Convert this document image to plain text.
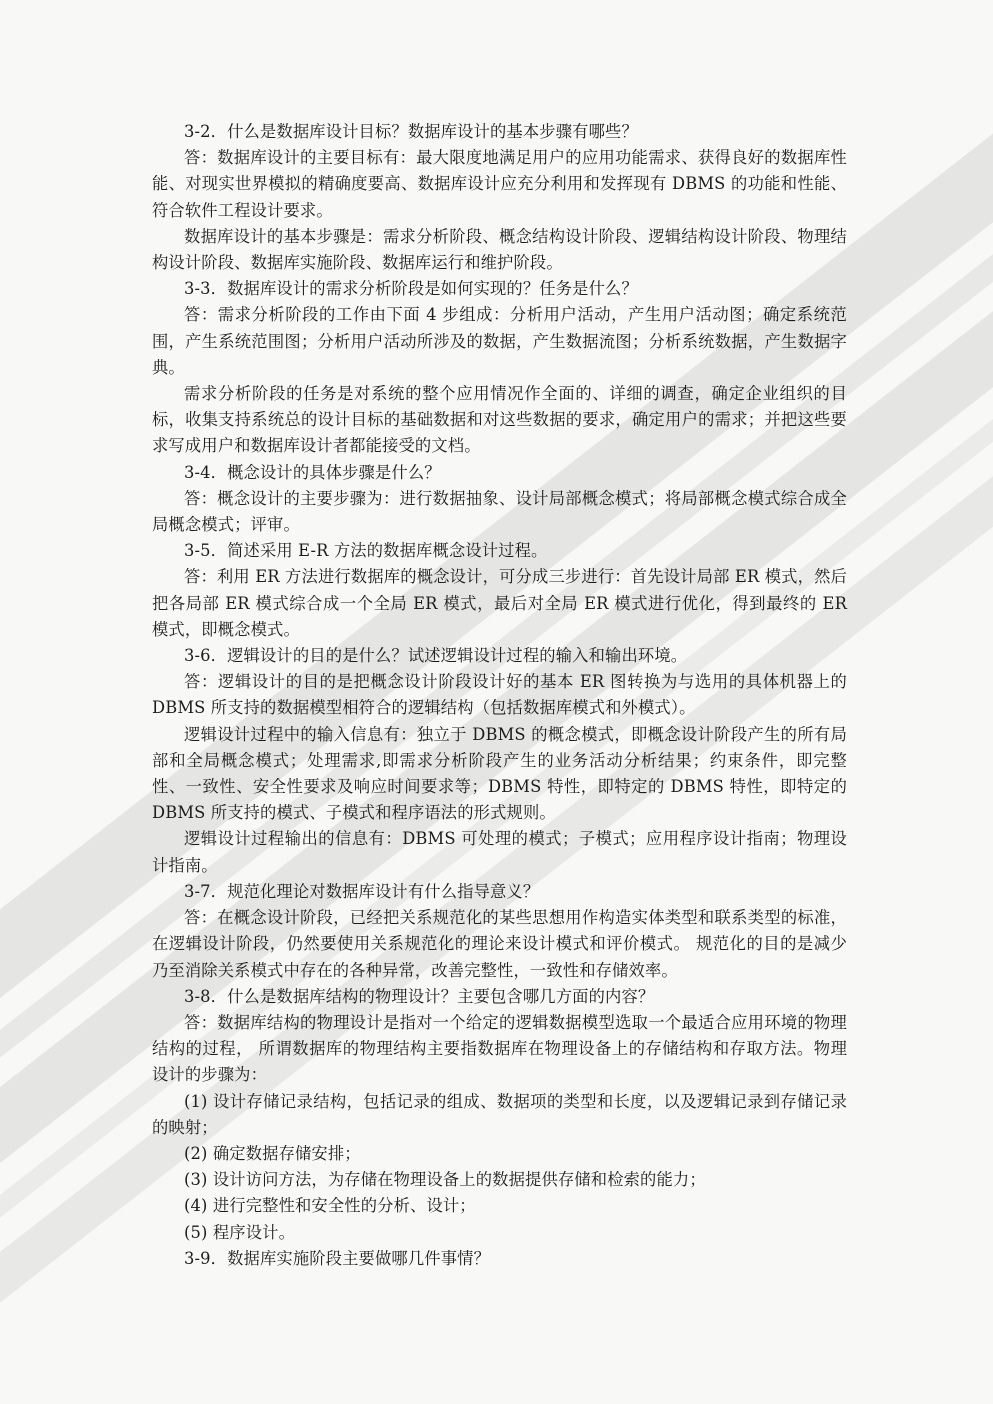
3-2．什么是数据库设计目标？数据库设计的基本步骤有哪些？

答：数据库设计的主要目标有：最大限度地满足用户的应用功能需求、获得良好的数据库性能、对现实世界模拟的精确度要高、数据库设计应充分利用和发挥现有 DBMS 的功能和性能、符合软件工程设计要求。

数据库设计的基本步骤是：需求分析阶段、概念结构设计阶段、逻辑结构设计阶段、物理结构设计阶段、数据库实施阶段、数据库运行和维护阶段。

3-3．数据库设计的需求分析阶段是如何实现的？任务是什么？

答：需求分析阶段的工作由下面 4 步组成：分析用户活动，产生用户活动图；确定系统范围，产生系统范围图；分析用户活动所涉及的数据，产生数据流图；分析系统数据，产生数据字典。

需求分析阶段的任务是对系统的整个应用情况作全面的、详细的调查，确定企业组织的目标，收集支持系统总的设计目标的基础数据和对这些数据的要求，确定用户的需求；并把这些要求写成用户和数据库设计者都能接受的文档。

3-4．概念设计的具体步骤是什么？

答：概念设计的主要步骤为：进行数据抽象、设计局部概念模式；将局部概念模式综合成全局概念模式；评审。

3-5．简述采用 E-R 方法的数据库概念设计过程。

答：利用 ER 方法进行数据库的概念设计，可分成三步进行：首先设计局部 ER 模式，然后把各局部 ER 模式综合成一个全局 ER 模式，最后对全局 ER 模式进行优化，得到最终的 ER 模式，即概念模式。

3-6．逻辑设计的目的是什么？试述逻辑设计过程的输入和输出环境。

答：逻辑设计的目的是把概念设计阶段设计好的基本 ER 图转换为与选用的具体机器上的 DBMS 所支持的数据模型相符合的逻辑结构（包括数据库模式和外模式）。

逻辑设计过程中的输入信息有：独立于 DBMS 的概念模式，即概念设计阶段产生的所有局部和全局概念模式；处理需求,即需求分析阶段产生的业务活动分析结果；约束条件，即完整性、一致性、安全性要求及响应时间要求等；DBMS 特性，即特定的 DBMS 特性，即特定的 DBMS 所支持的模式、子模式和程序语法的形式规则。

逻辑设计过程输出的信息有：DBMS 可处理的模式；子模式；应用程序设计指南；物理设计指南。

3-7．规范化理论对数据库设计有什么指导意义？

答：在概念设计阶段，已经把关系规范化的某些思想用作构造实体类型和联系类型的标准， 在逻辑设计阶段，仍然要使用关系规范化的理论来设计模式和评价模式。 规范化的目的是减少乃至消除关系模式中存在的各种异常，改善完整性，一致性和存储效率。

3-8．什么是数据库结构的物理设计？主要包含哪几方面的内容？

答：数据库结构的物理设计是指对一个给定的逻辑数据模型选取一个最适合应用环境的物理结构的过程， 所谓数据库的物理结构主要指数据库在物理设备上的存储结构和存取方法。物理设计的步骤为：

(1) 设计存储记录结构，包括记录的组成、数据项的类型和长度，以及逻辑记录到存储记录的映射；

(2) 确定数据存储安排；

(3) 设计访问方法，为存储在物理设备上的数据提供存储和检索的能力；

(4) 进行完整性和安全性的分析、设计；

(5) 程序设计。

3-9．数据库实施阶段主要做哪几件事情？
